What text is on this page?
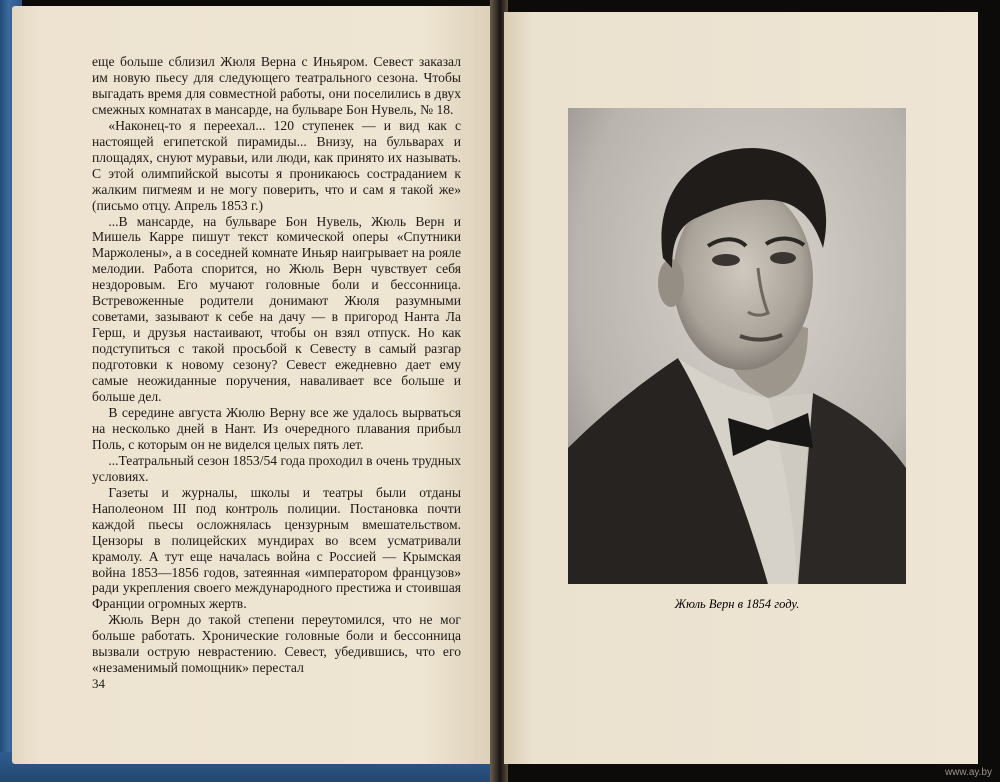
еще больше сблизил Жюля Верна с Иньяром. Севест заказал им новую пьесу для следующего театрального сезона. Чтобы выгадать время для совместной работы, они поселились в двух смежных комнатах в мансарде, на бульваре Бон Нувель, № 18.

«Наконец-то я переехал... 120 ступенек — и вид как с настоящей египетской пирамиды... Внизу, на бульварах и площадях, снуют муравьи, или люди, как принято их называть. С этой олимпийской высоты я проникаюсь состраданием к жалким пигмеям и не могу поверить, что и сам я такой же» (письмо отцу. Апрель 1853 г.)

...В мансарде, на бульваре Бон Нувель, Жюль Верн и Мишель Карре пишут текст комической оперы «Спутники Маржолены», а в соседней комнате Иньяр наигрывает на рояле мелодии. Работа спорится, но Жюль Верн чувствует себя нездоровым. Его мучают головные боли и бессонница. Встревоженные родители донимают Жюля разумными советами, зазывают к себе на дачу — в пригород Нанта Ла Герш, и друзья настаивают, чтобы он взял отпуск. Но как подступиться с такой просьбой к Севесту в самый разгар подготовки к новому сезону? Севест ежедневно дает ему самые неожиданные поручения, наваливает все больше и больше дел.

В середине августа Жюлю Верну все же удалось вырваться на несколько дней в Нант. Из очередного плавания прибыл Поль, с которым он не виделся целых пять лет.

...Театральный сезон 1853/54 года проходил в очень трудных условиях.

Газеты и журналы, школы и театры были отданы Наполеоном III под контроль полиции. Постановка почти каждой пьесы осложнялась цензурным вмешательством. Цензоры в полицейских мундирах во всем усматривали крамолу. А тут еще началась война с Россией — Крымская война 1853—1856 годов, затеянная «императором французов» ради укрепления своего международного престижа и стоившая Франции огромных жертв.

Жюль Верн до такой степени переутомился, что не мог больше работать. Хронические головные боли и бессонница вызвали острую неврастению. Севест, убедившись, что его «незаменимый помощник» перестал

34
Жюль Верн в 1854 году.
www.ay.by
